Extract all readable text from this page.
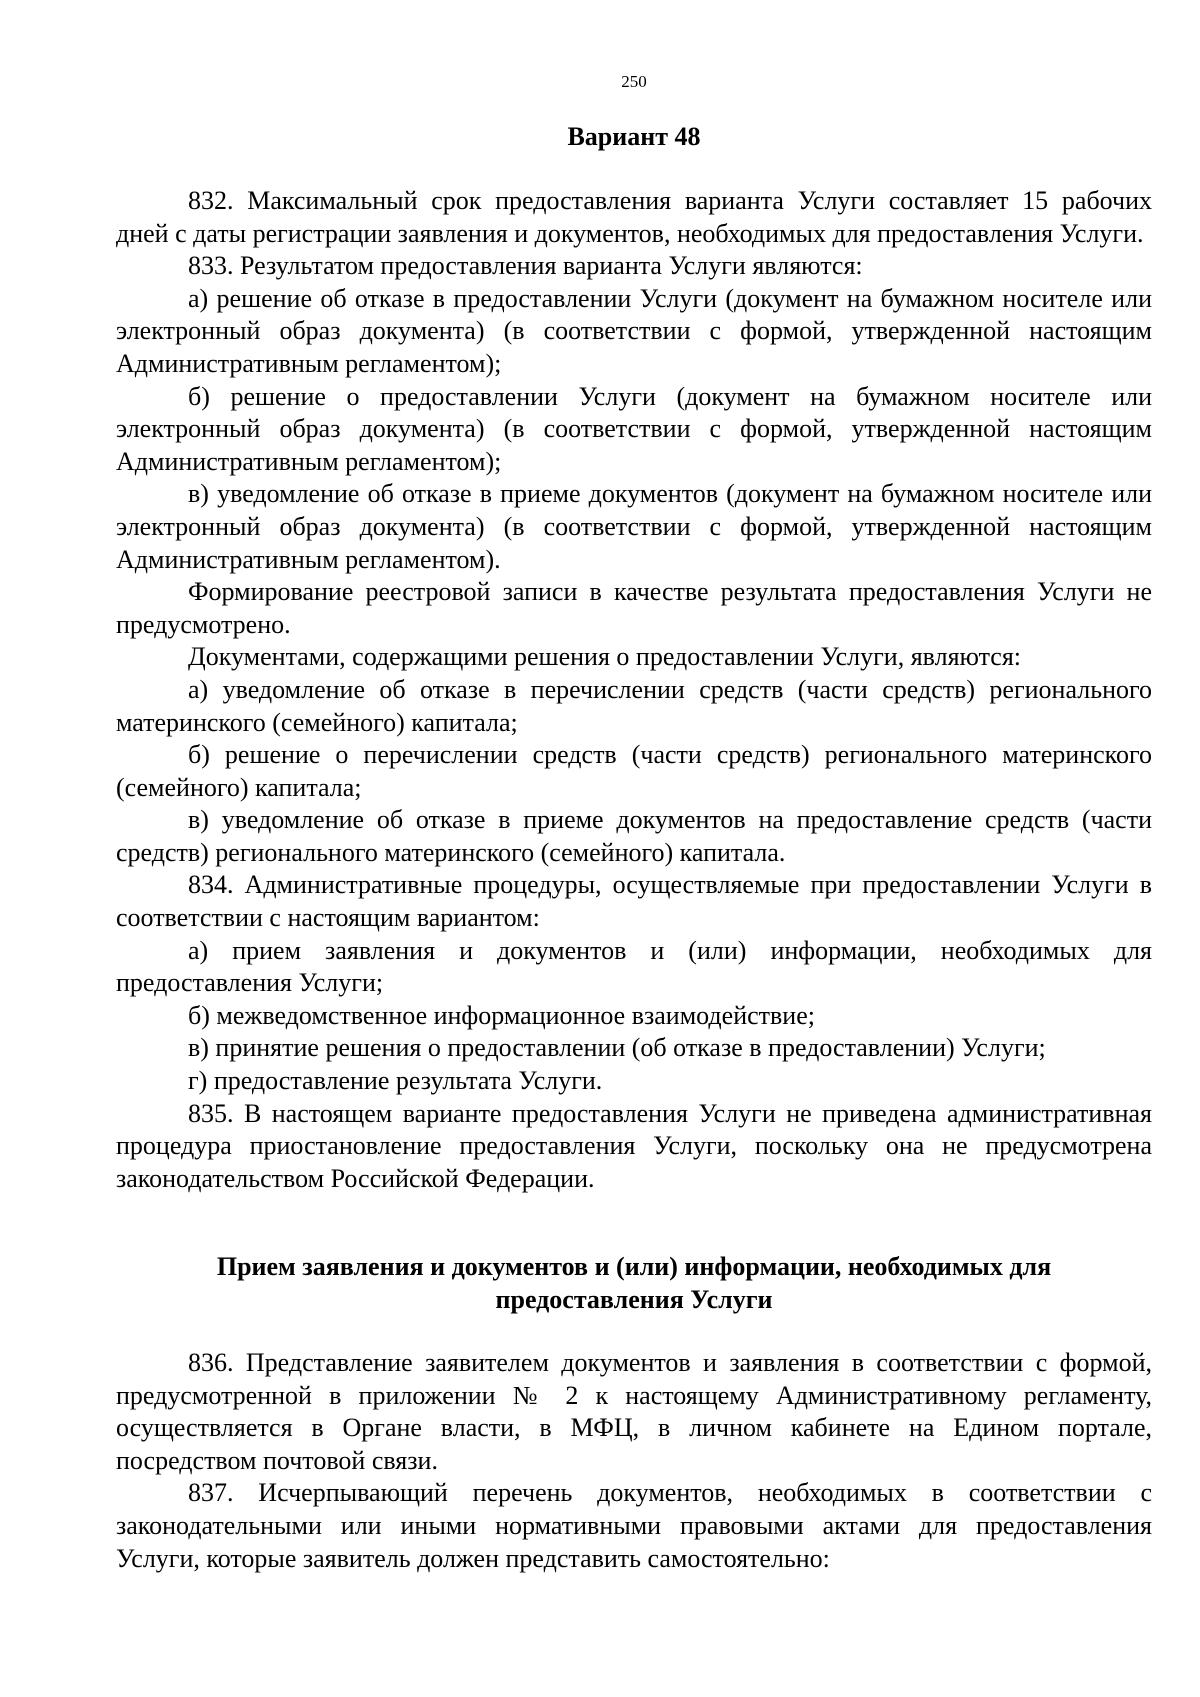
250
Вариант 48

832. Максимальный срок предоставления варианта Услуги составляет 15 рабочих дней с даты регистрации заявления и документов, необходимых для предоставления Услуги.

833. Результатом предоставления варианта Услуги являются:

а) решение об отказе в предоставлении Услуги (документ на бумажном носителе или электронный образ документа) (в соответствии с формой, утвержденной настоящим Административным регламентом);

б) решение о предоставлении Услуги (документ на бумажном носителе или электронный образ документа) (в соответствии с формой, утвержденной настоящим Административным регламентом);

в) уведомление об отказе в приеме документов (документ на бумажном носителе или электронный образ документа) (в соответствии с формой, утвержденной настоящим Административным регламентом).

Формирование реестровой записи в качестве результата предоставления Услуги не предусмотрено.

Документами, содержащими решения о предоставлении Услуги, являются:

а) уведомление об отказе в перечислении средств (части средств) регионального материнского (семейного) капитала;

б) решение о перечислении средств (части средств) регионального материнского (семейного) капитала;

в) уведомление об отказе в приеме документов на предоставление средств (части средств) регионального материнского (семейного) капитала.

834. Административные процедуры, осуществляемые при предоставлении Услуги в соответствии с настоящим вариантом:

а) прием заявления и документов и (или) информации, необходимых для предоставления Услуги;

б) межведомственное информационное взаимодействие;

в) принятие решения о предоставлении (об отказе в предоставлении) Услуги;

г) предоставление результата Услуги.

835. В настоящем варианте предоставления Услуги не приведена административная процедура приостановление предоставления Услуги, поскольку она не предусмотрена законодательством Российской Федерации.

Прием заявления и документов и (или) информации, необходимых для
предоставления Услуги

836. Представление заявителем документов и заявления в соответствии с формой, предусмотренной в приложении № 2 к настоящему Административному регламенту, осуществляется в Органе власти, в МФЦ, в личном кабинете на Едином портале, посредством почтовой связи.

837. Исчерпывающий перечень документов, необходимых в соответствии с законодательными или иными нормативными правовыми актами для предоставления Услуги, которые заявитель должен представить самостоятельно:
